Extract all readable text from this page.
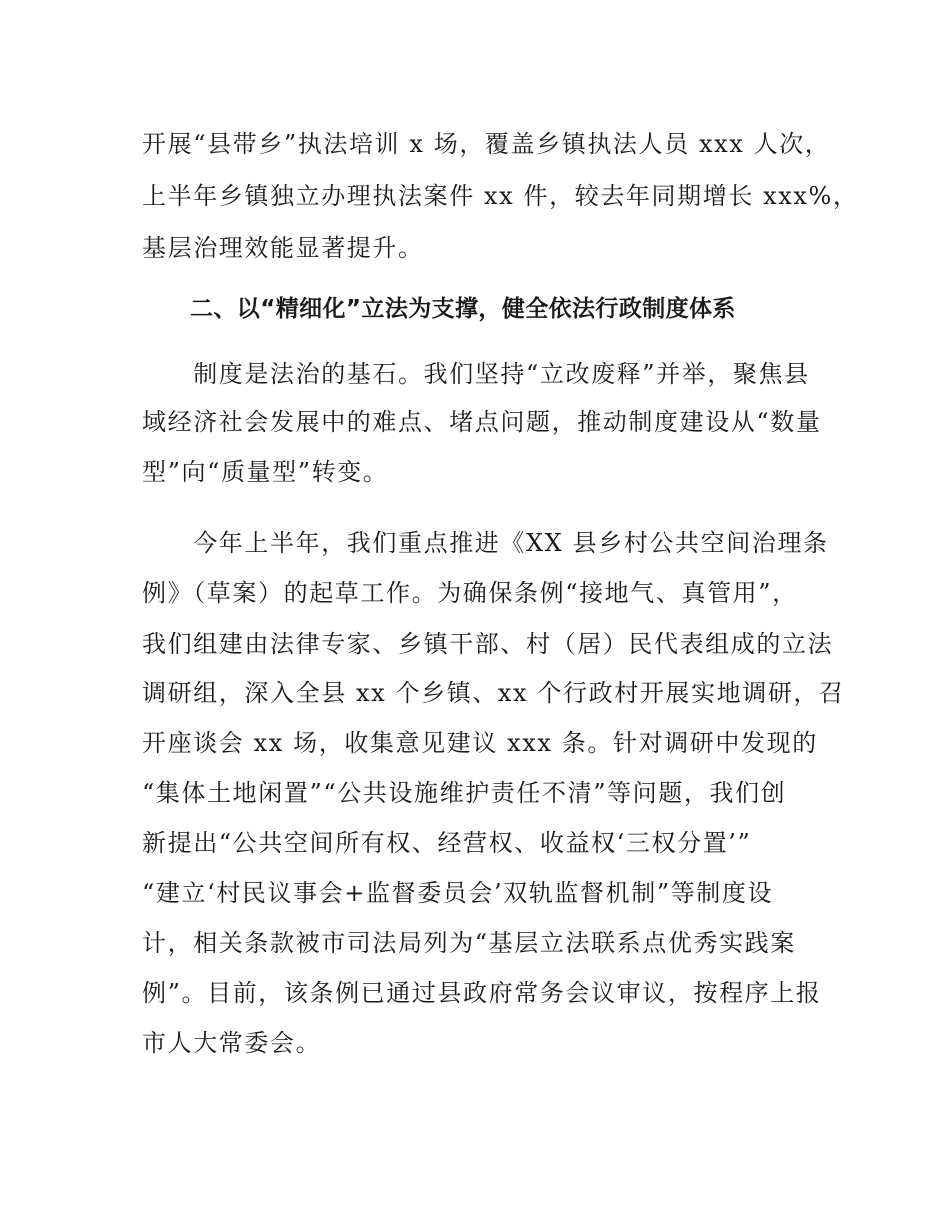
开展“县带乡”执法培训 x 场，覆盖乡镇执法人员 xxx 人次，
上半年乡镇独立办理执法案件 xx 件，较去年同期增长 xxx%，
基层治理效能显著提升。
二、以“精细化”立法为支撑，健全依法行政制度体系
　　制度是法治的基石。我们坚持“立改废释”并举，聚焦县
域经济社会发展中的难点、堵点问题，推动制度建设从“数量
型”向“质量型”转变。
　　今年上半年，我们重点推进《XX 县乡村公共空间治理条
例》（草案）的起草工作。为确保条例“接地气、真管用”，
我们组建由法律专家、乡镇干部、村（居）民代表组成的立法
调研组，深入全县 xx 个乡镇、xx 个行政村开展实地调研，召
开座谈会 xx 场，收集意见建议 xxx 条。针对调研中发现的
“集体土地闲置”“公共设施维护责任不清”等问题，我们创
新提出“公共空间所有权、经营权、收益权‘三权分置’”
“建立‘村民议事会+监督委员会’双轨监督机制”等制度设
计，相关条款被市司法局列为“基层立法联系点优秀实践案
例”。目前，该条例已通过县政府常务会议审议，按程序上报
市人大常委会。
